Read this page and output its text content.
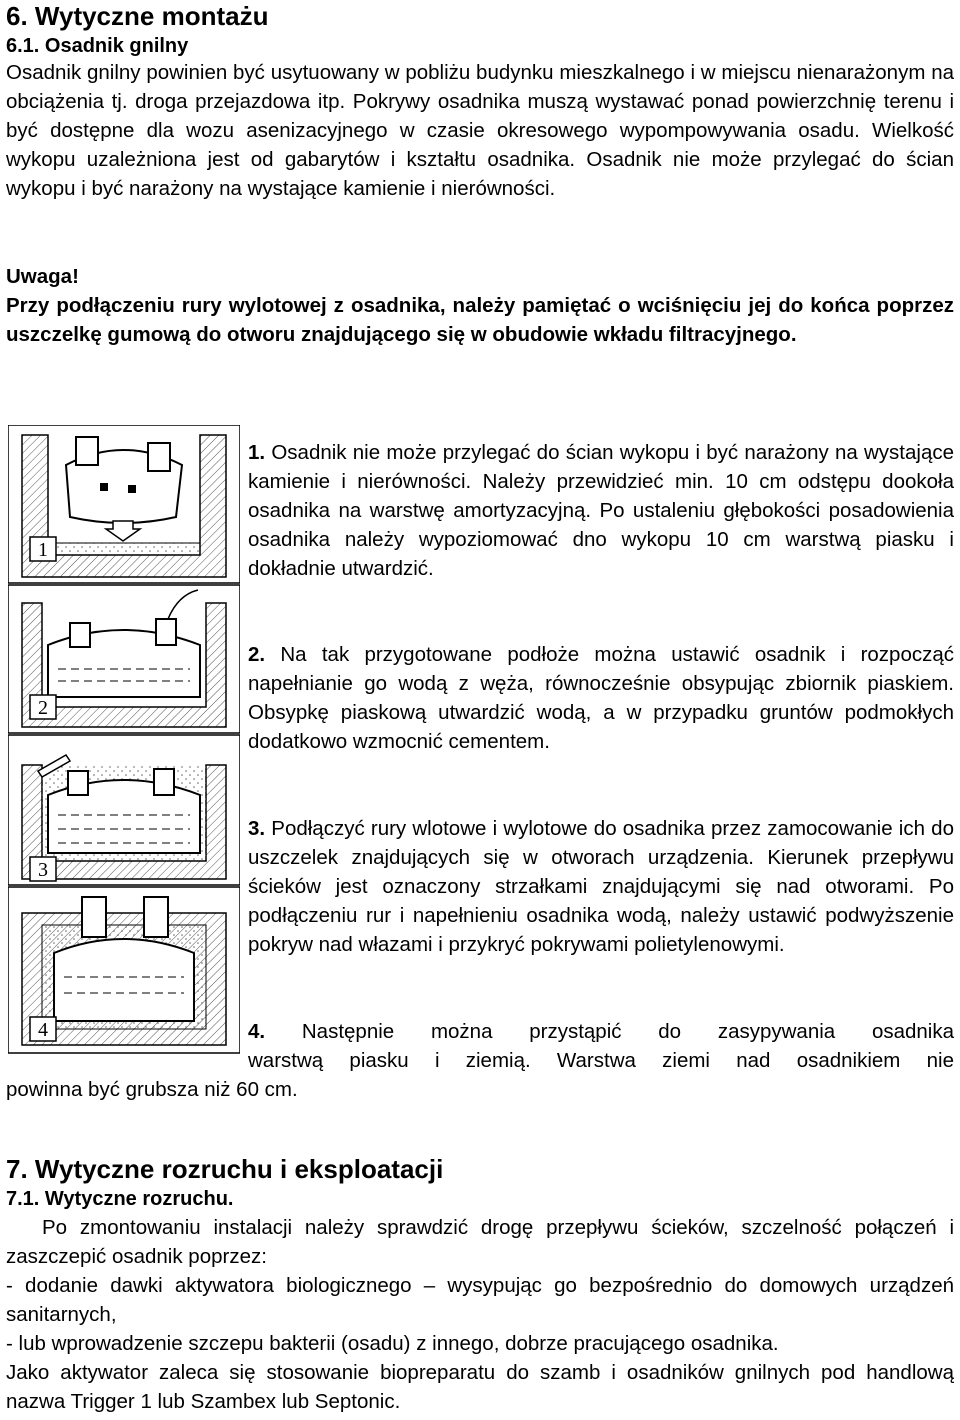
6. Wytyczne montażu
6.1. Osadnik gnilny

Osadnik gnilny powinien być usytuowany w pobliżu budynku mieszkalnego i w miejscu nienarażonym na obciążenia tj. droga przejazdowa itp. Pokrywy osadnika muszą wystawać ponad powierzchnię terenu i być dostępne dla wozu asenizacyjnego w czasie okresowego wypompowywania osadu. Wielkość wykopu uzależniona jest od gabarytów i kształtu osadnika. Osadnik nie może przylegać do ścian wykopu i być narażony na wystające kamienie i nierówności.

Uwaga!

Przy podłączeniu rury wylotowej z osadnika, należy pamiętać o wciśnięciu jej do końca poprzez uszczelkę gumową do otworu znajdującego się w obudowie wkładu filtracyjnego.

1
2
3
4

1. Osadnik nie może przylegać do ścian wykopu i być narażony na wystające kamienie i nierówności. Należy przewidzieć min. 10 cm odstępu dookoła osadnika na warstwę amortyzacyjną. Po ustaleniu głębokości posadowienia osadnika należy wypoziomować dno wykopu 10 cm warstwą piasku i dokładnie utwardzić.

2. Na tak przygotowane podłoże można ustawić osadnik i rozpocząć napełnianie go wodą z węża, równocześnie obsypując zbiornik piaskiem. Obsypkę piaskową utwardzić wodą, a w przypadku gruntów podmokłych dodatkowo wzmocnić cementem.

3. Podłączyć rury wlotowe i wylotowe do osadnika przez zamocowanie ich do uszczelek znajdujących się w otworach urządzenia. Kierunek przepływu ścieków jest oznaczony strzałkami znajdującymi się nad otworami. Po podłączeniu rur i napełnieniu osadnika wodą, należy ustawić podwyższenie pokryw nad włazami i przykryć pokrywami polietylenowymi.

4. Następnie można przystąpić do zasypywania osadnika
warstwą piasku i ziemią. Warstwa ziemi nad osadnikiem nie
powinna być grubsza niż 60 cm.
7. Wytyczne rozruchu i eksploatacji
7.1. Wytyczne rozruchu.

Po zmontowaniu instalacji należy sprawdzić drogę przepływu ścieków, szczelność połączeń i zaszczepić osadnik poprzez:

- dodanie dawki aktywatora biologicznego – wysypując go bezpośrednio do domowych urządzeń sanitarnych,

- lub wprowadzenie szczepu bakterii (osadu) z innego, dobrze pracującego osadnika.

Jako aktywator zaleca się stosowanie biopreparatu do szamb i osadników gnilnych pod handlową nazwa Trigger 1 lub Szambex lub Septonic.
